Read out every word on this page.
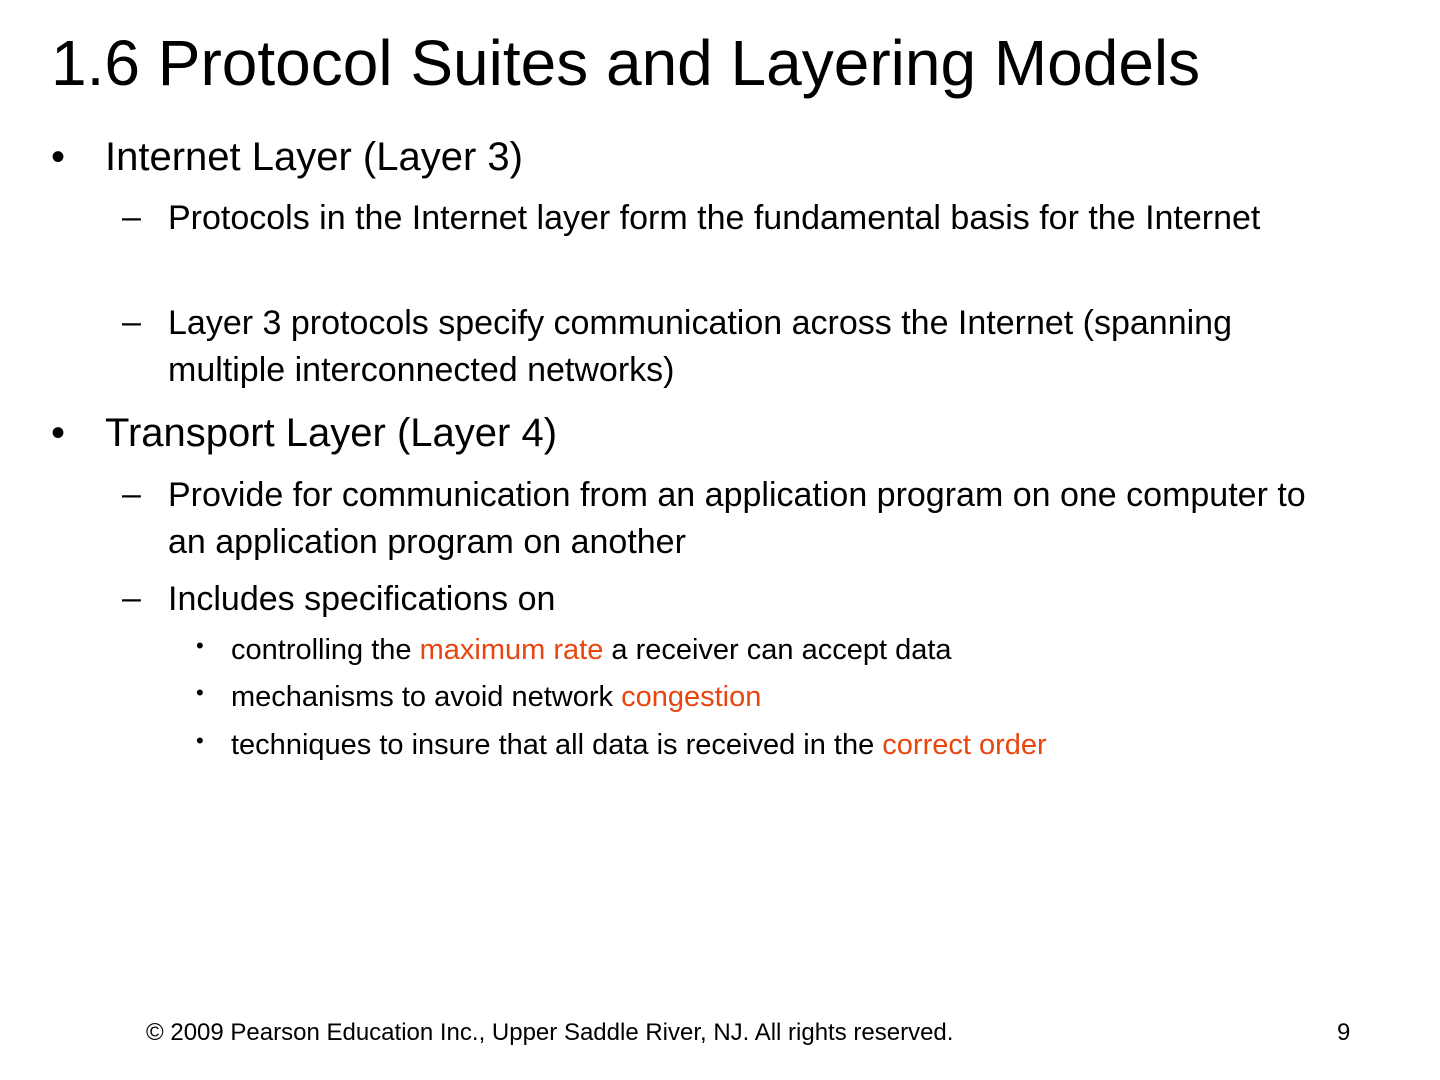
1.6 Protocol Suites and Layering Models
• Internet Layer (Layer 3)
– Protocols in the Internet layer form the fundamental basis for the Internet
– Layer 3 protocols specify communication across the Internet (spanning multiple interconnected networks)
• Transport Layer (Layer 4)
– Provide for communication from an application program on one computer to an application program on another
– Includes specifications on
• controlling the maximum rate a receiver can accept data
• mechanisms to avoid network congestion
• techniques to insure that all data is received in the correct order
© 2009 Pearson Education Inc., Upper Saddle River, NJ. All rights reserved.	9
